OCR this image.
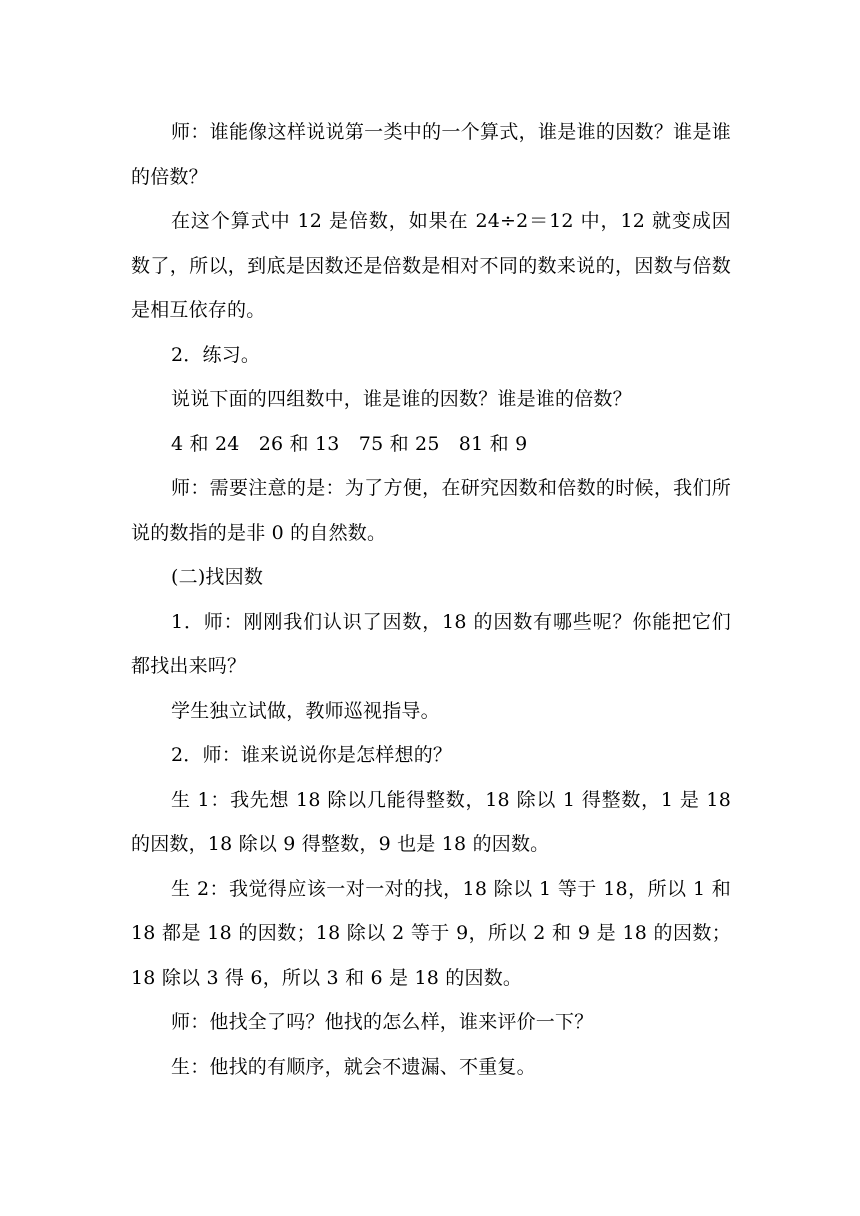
师：谁能像这样说说第一类中的一个算式，谁是谁的因数？谁是谁的倍数？

在这个算式中 12 是倍数，如果在 24÷2＝12 中，12 就变成因数了，所以，到底是因数还是倍数是相对不同的数来说的，因数与倍数是相互依存的。

2．练习。

说说下面的四组数中，谁是谁的因数？谁是谁的倍数？

4 和 24　26 和 13　75 和 25　81 和 9

师：需要注意的是：为了方便，在研究因数和倍数的时候，我们所说的数指的是非 0 的自然数。

(二)找因数

1．师：刚刚我们认识了因数，18 的因数有哪些呢？你能把它们都找出来吗？

学生独立试做，教师巡视指导。

2．师：谁来说说你是怎样想的？

生 1：我先想 18 除以几能得整数，18 除以 1 得整数，1 是 18 的因数，18 除以 9 得整数，9 也是 18 的因数。

生 2：我觉得应该一对一对的找，18 除以 1 等于 18，所以 1 和 18 都是 18 的因数；18 除以 2 等于 9，所以 2 和 9 是 18 的因数；18 除以 3 得 6，所以 3 和 6 是 18 的因数。

师：他找全了吗？他找的怎么样，谁来评价一下？

生：他找的有顺序，就会不遗漏、不重复。
